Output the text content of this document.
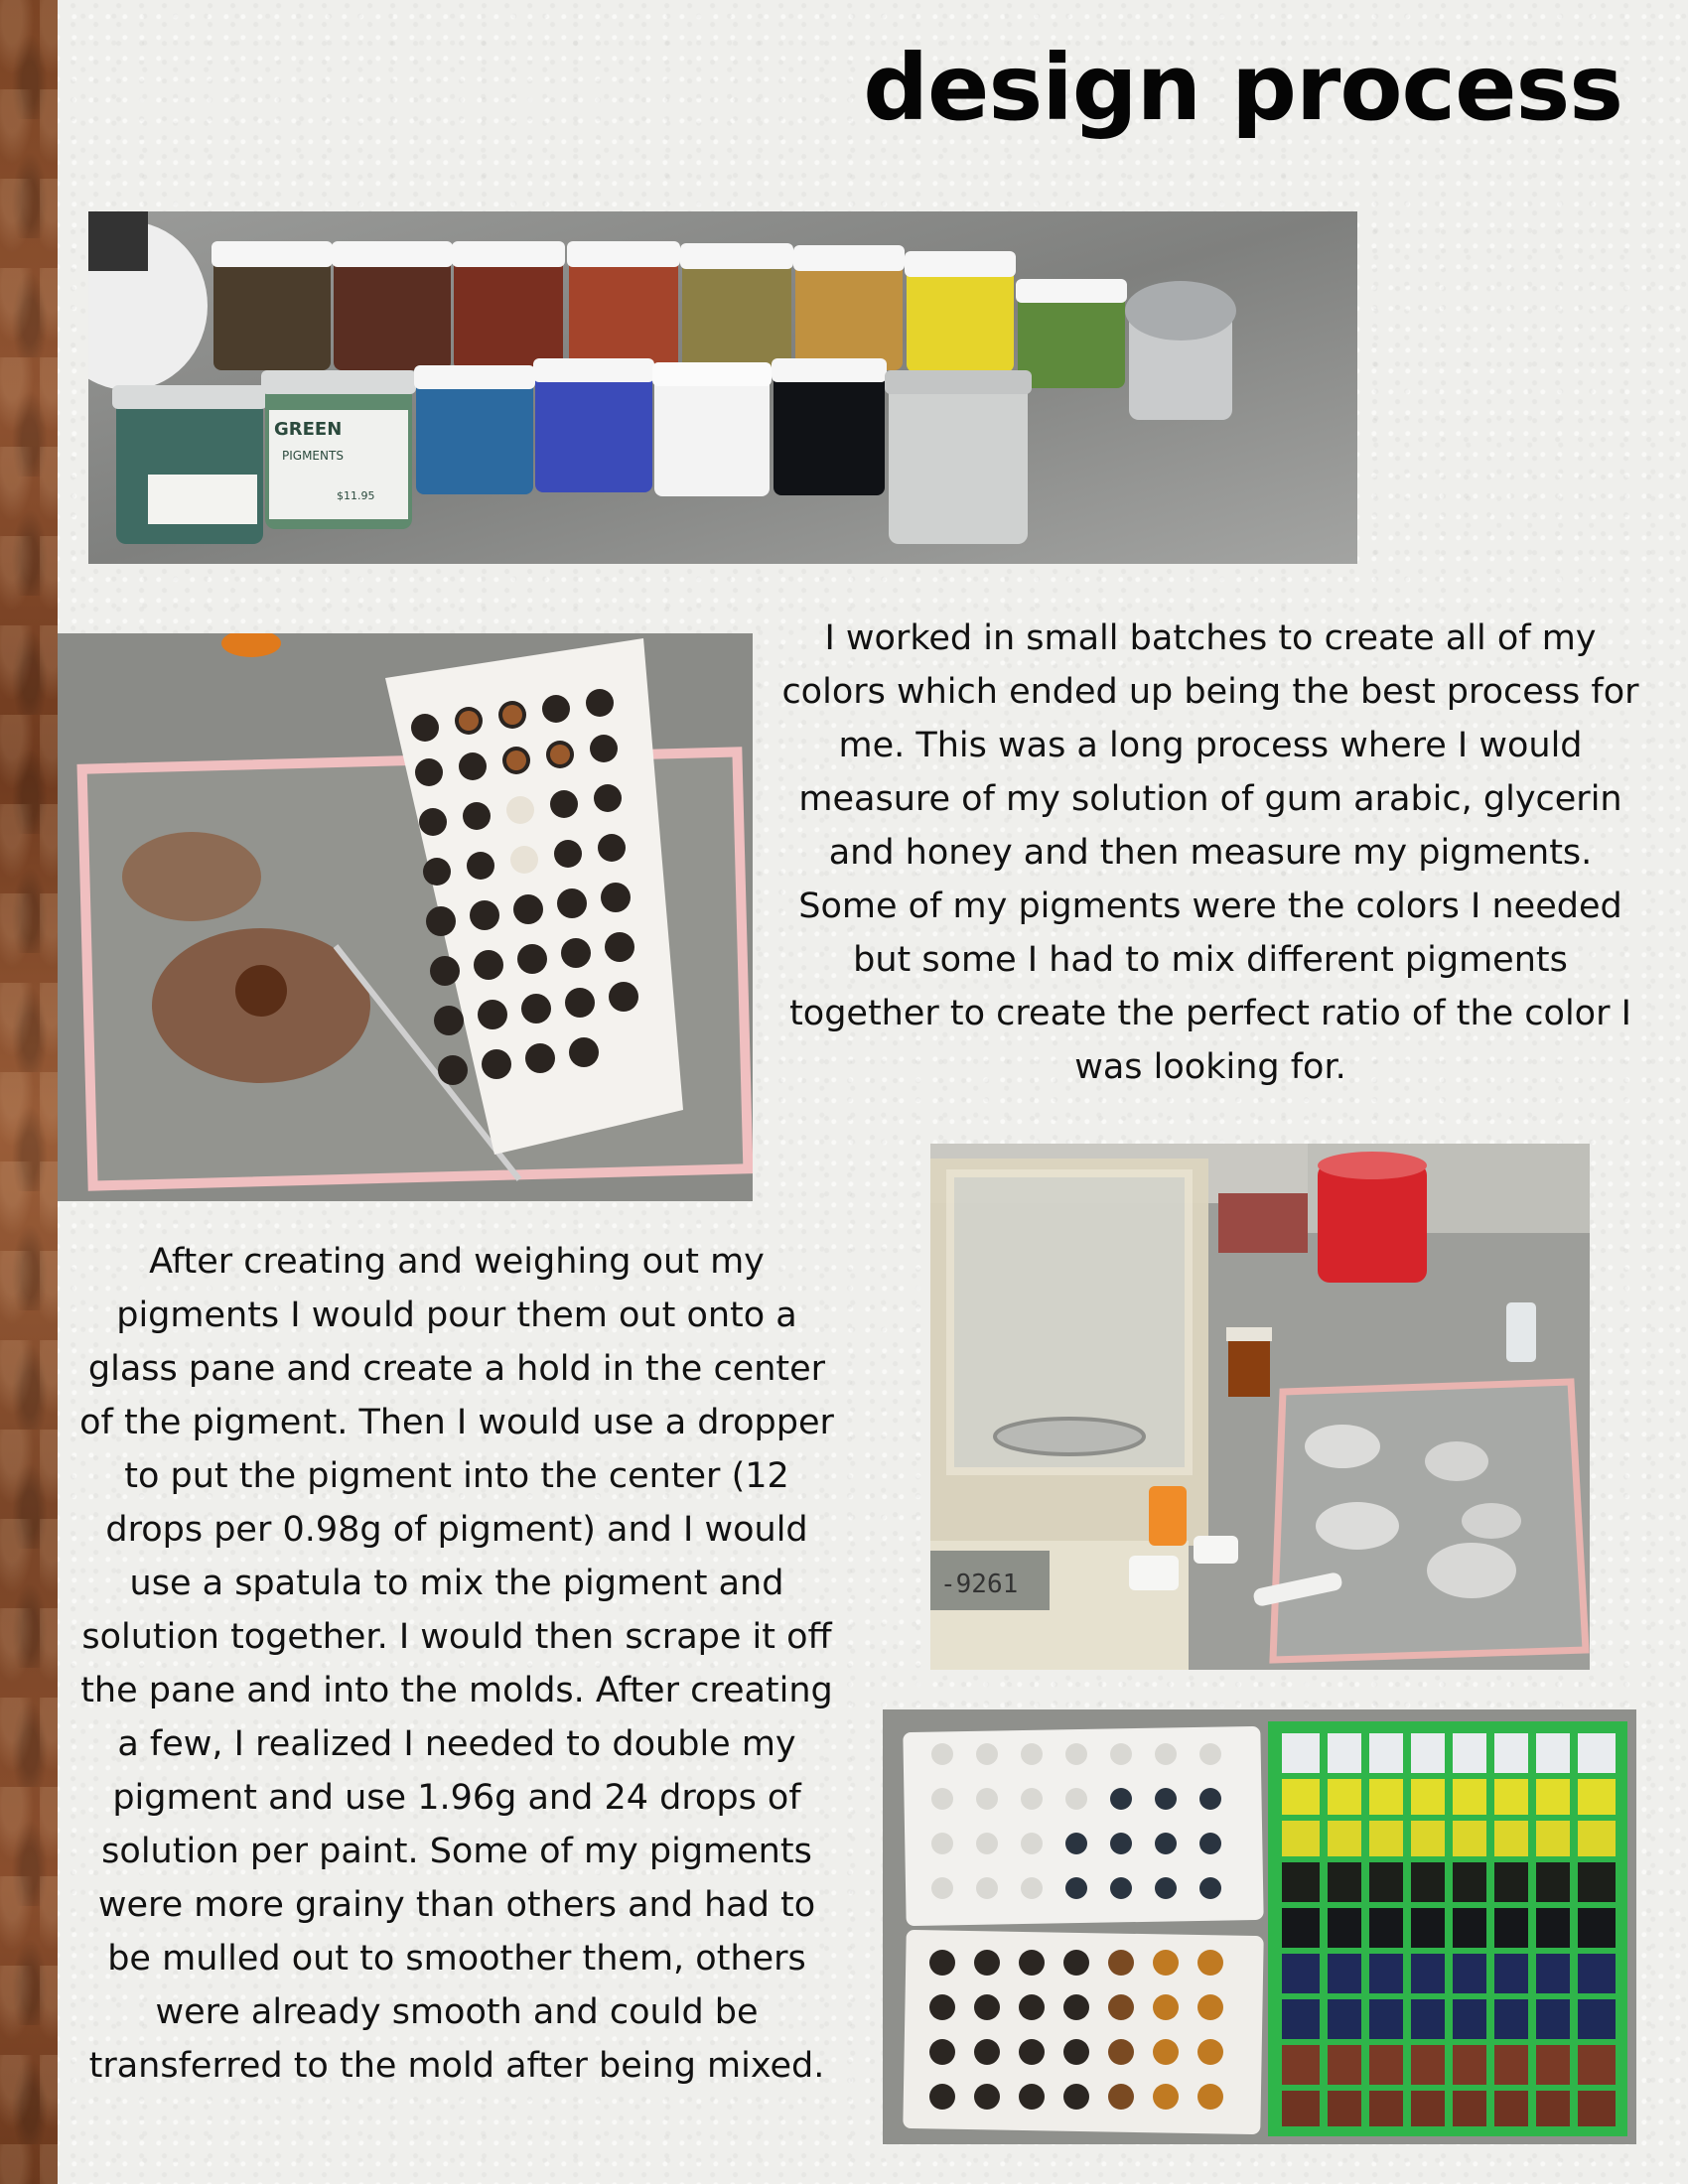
design process
GREEN
PIGMENTS
$11.95

I worked in small batches to create all of my colors which ended up being the best process for me. This was a long process where I would measure of my solution of gum arabic, glycerin and honey and then measure my pigments. Some of my pigments were the colors I needed but some I had to mix different pigments together to create the perfect ratio of the color I was looking for.

-9261

After creating and weighing out my pigments I would pour them out onto a glass pane and create a hold in the center of the pigment. Then I would use a dropper to put the pigment into the center (12 drops per 0.98g of pigment) and I would use a spatula to mix the pigment and solution together. I would then scrape it off the pane and into the molds. After creating a few, I realized I needed to double my pigment and use 1.96g and 24 drops of solution per paint. Some of my pigments were more grainy than others and had to be mulled out to smoother them, others were already smooth and could be transferred to the mold after being mixed.
